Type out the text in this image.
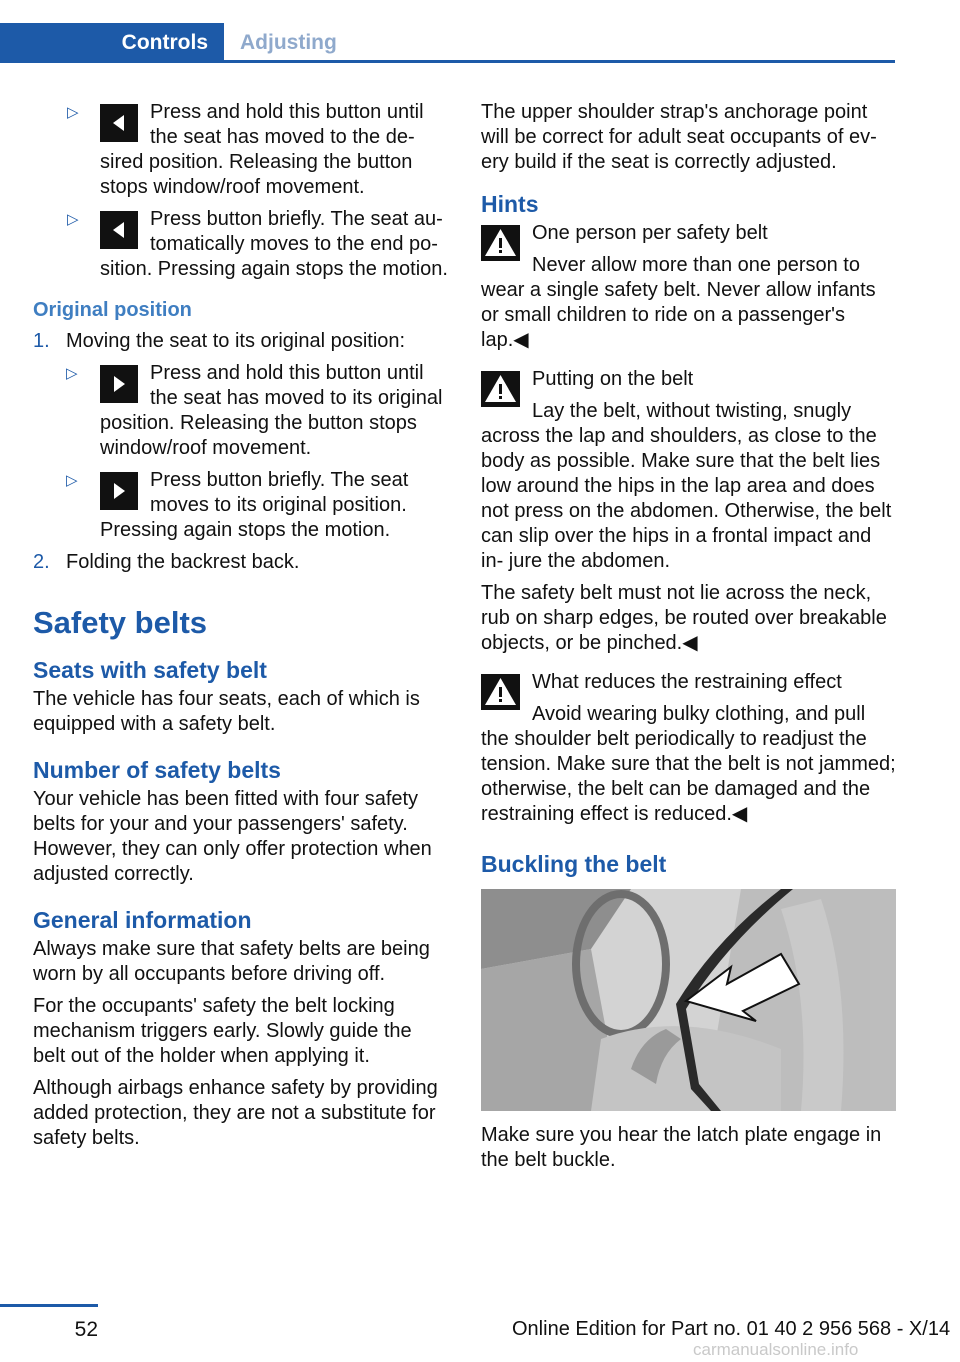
Controls	Adjusting
▷	Press and hold this button until the seat has moved to the de‐ sired position. Releasing the button stops window/roof movement.
▷	Press button briefly. The seat au‐ tomatically moves to the end po‐ sition. Pressing again stops the motion.
Original position
1. Moving the seat to its original position:
▷	Press and hold this button until the seat has moved to its original position. Releasing the button stops window/roof movement.
▷	Press button briefly. The seat moves to its original position. Pressing again stops the motion.
2. Folding the backrest back.
Safety belts
Seats with safety belt

The vehicle has four seats, each of which is equipped with a safety belt.

Number of safety belts

Your vehicle has been fitted with four safety belts for your and your passengers' safety. However, they can only offer protection when adjusted correctly.

General information

Always make sure that safety belts are being worn by all occupants before driving off.

For the occupants' safety the belt locking mechanism triggers early. Slowly guide the belt out of the holder when applying it.

Although airbags enhance safety by providing added protection, they are not a substitute for safety belts.

The upper shoulder strap's anchorage point will be correct for adult seat occupants of ev‐ ery build if the seat is correctly adjusted.

Hints
One person per safety belt
Never allow more than one person to wear a single safety belt. Never allow infants or small children to ride on a passenger's lap.◀
Putting on the belt
Lay the belt, without twisting, snugly across the lap and shoulders, as close to the body as possible. Make sure that the belt lies low around the hips in the lap area and does not press on the abdomen. Otherwise, the belt can slip over the hips in a frontal impact and in‐ jure the abdomen.

The safety belt must not lie across the neck, rub on sharp edges, be routed over breakable objects, or be pinched.◀

What reduces the restraining effect
Avoid wearing bulky clothing, and pull the shoulder belt periodically to readjust the tension. Make sure that the belt is not jammed; otherwise, the belt can be damaged and the restraining effect is reduced.◀
Buckling the belt

Make sure you hear the latch plate engage in the belt buckle.

52	Online Edition for Part no. 01 40 2 956 568 - X/14
carmanualsonline.info
